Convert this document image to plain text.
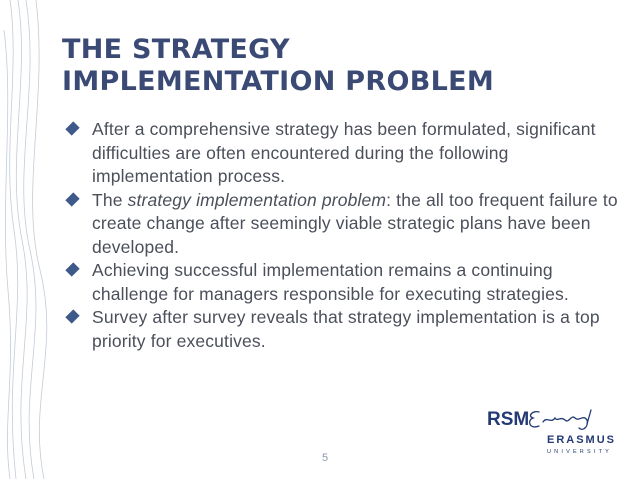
THE STRATEGY
IMPLEMENTATION PROBLEM
After a comprehensive strategy has been formulated, significant difficulties are often encountered during the following implementation process.
The strategy implementation problem: the all too frequent failure to create change after seemingly viable strategic plans have been developed.
Achieving successful implementation remains a continuing challenge for managers responsible for executing strategies.
Survey after survey reveals that strategy implementation is a top priority for executives.
RSM
ERASMUS
UNIVERSITY
5
